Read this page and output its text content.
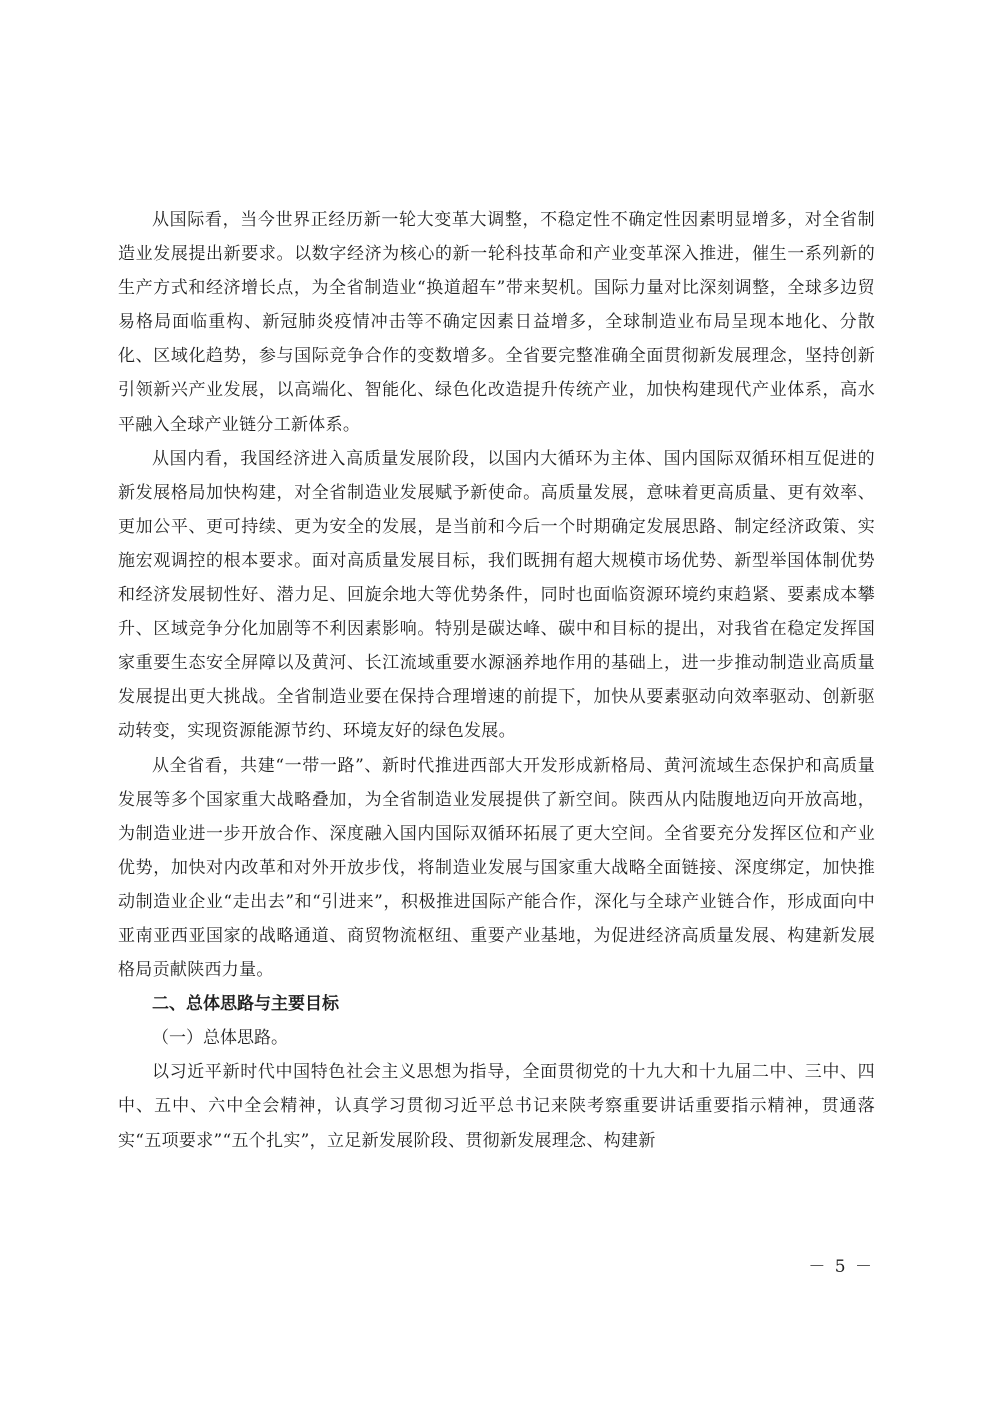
从国际看，当今世界正经历新一轮大变革大调整，不稳定性不确定性因素明显增多，对全省制造业发展提出新要求。以数字经济为核心的新一轮科技革命和产业变革深入推进，催生一系列新的生产方式和经济增长点，为全省制造业“换道超车”带来契机。国际力量对比深刻调整，全球多边贸易格局面临重构、新冠肺炎疫情冲击等不确定因素日益增多，全球制造业布局呈现本地化、分散化、区域化趋势，参与国际竞争合作的变数增多。全省要完整准确全面贯彻新发展理念，坚持创新引领新兴产业发展，以高端化、智能化、绿色化改造提升传统产业，加快构建现代产业体系，高水平融入全球产业链分工新体系。

从国内看，我国经济进入高质量发展阶段，以国内大循环为主体、国内国际双循环相互促进的新发展格局加快构建，对全省制造业发展赋予新使命。高质量发展，意味着更高质量、更有效率、更加公平、更可持续、更为安全的发展，是当前和今后一个时期确定发展思路、制定经济政策、实施宏观调控的根本要求。面对高质量发展目标，我们既拥有超大规模市场优势、新型举国体制优势和经济发展韧性好、潜力足、回旋余地大等优势条件，同时也面临资源环境约束趋紧、要素成本攀升、区域竞争分化加剧等不利因素影响。特别是碳达峰、碳中和目标的提出，对我省在稳定发挥国家重要生态安全屏障以及黄河、长江流域重要水源涵养地作用的基础上，进一步推动制造业高质量发展提出更大挑战。全省制造业要在保持合理增速的前提下，加快从要素驱动向效率驱动、创新驱动转变，实现资源能源节约、环境友好的绿色发展。

从全省看，共建“一带一路”、新时代推进西部大开发形成新格局、黄河流域生态保护和高质量发展等多个国家重大战略叠加，为全省制造业发展提供了新空间。陕西从内陆腹地迈向开放高地，为制造业进一步开放合作、深度融入国内国际双循环拓展了更大空间。全省要充分发挥区位和产业优势，加快对内改革和对外开放步伐，将制造业发展与国家重大战略全面链接、深度绑定，加快推动制造业企业“走出去”和“引进来”，积极推进国际产能合作，深化与全球产业链合作，形成面向中亚南亚西亚国家的战略通道、商贸物流枢纽、重要产业基地，为促进经济高质量发展、构建新发展格局贡献陕西力量。

二、总体思路与主要目标

（一）总体思路。

以习近平新时代中国特色社会主义思想为指导，全面贯彻党的十九大和十九届二中、三中、四中、五中、六中全会精神，认真学习贯彻习近平总书记来陕考察重要讲话重要指示精神，贯通落实“五项要求”“五个扎实”，立足新发展阶段、贯彻新发展理念、构建新

－ 5 －
